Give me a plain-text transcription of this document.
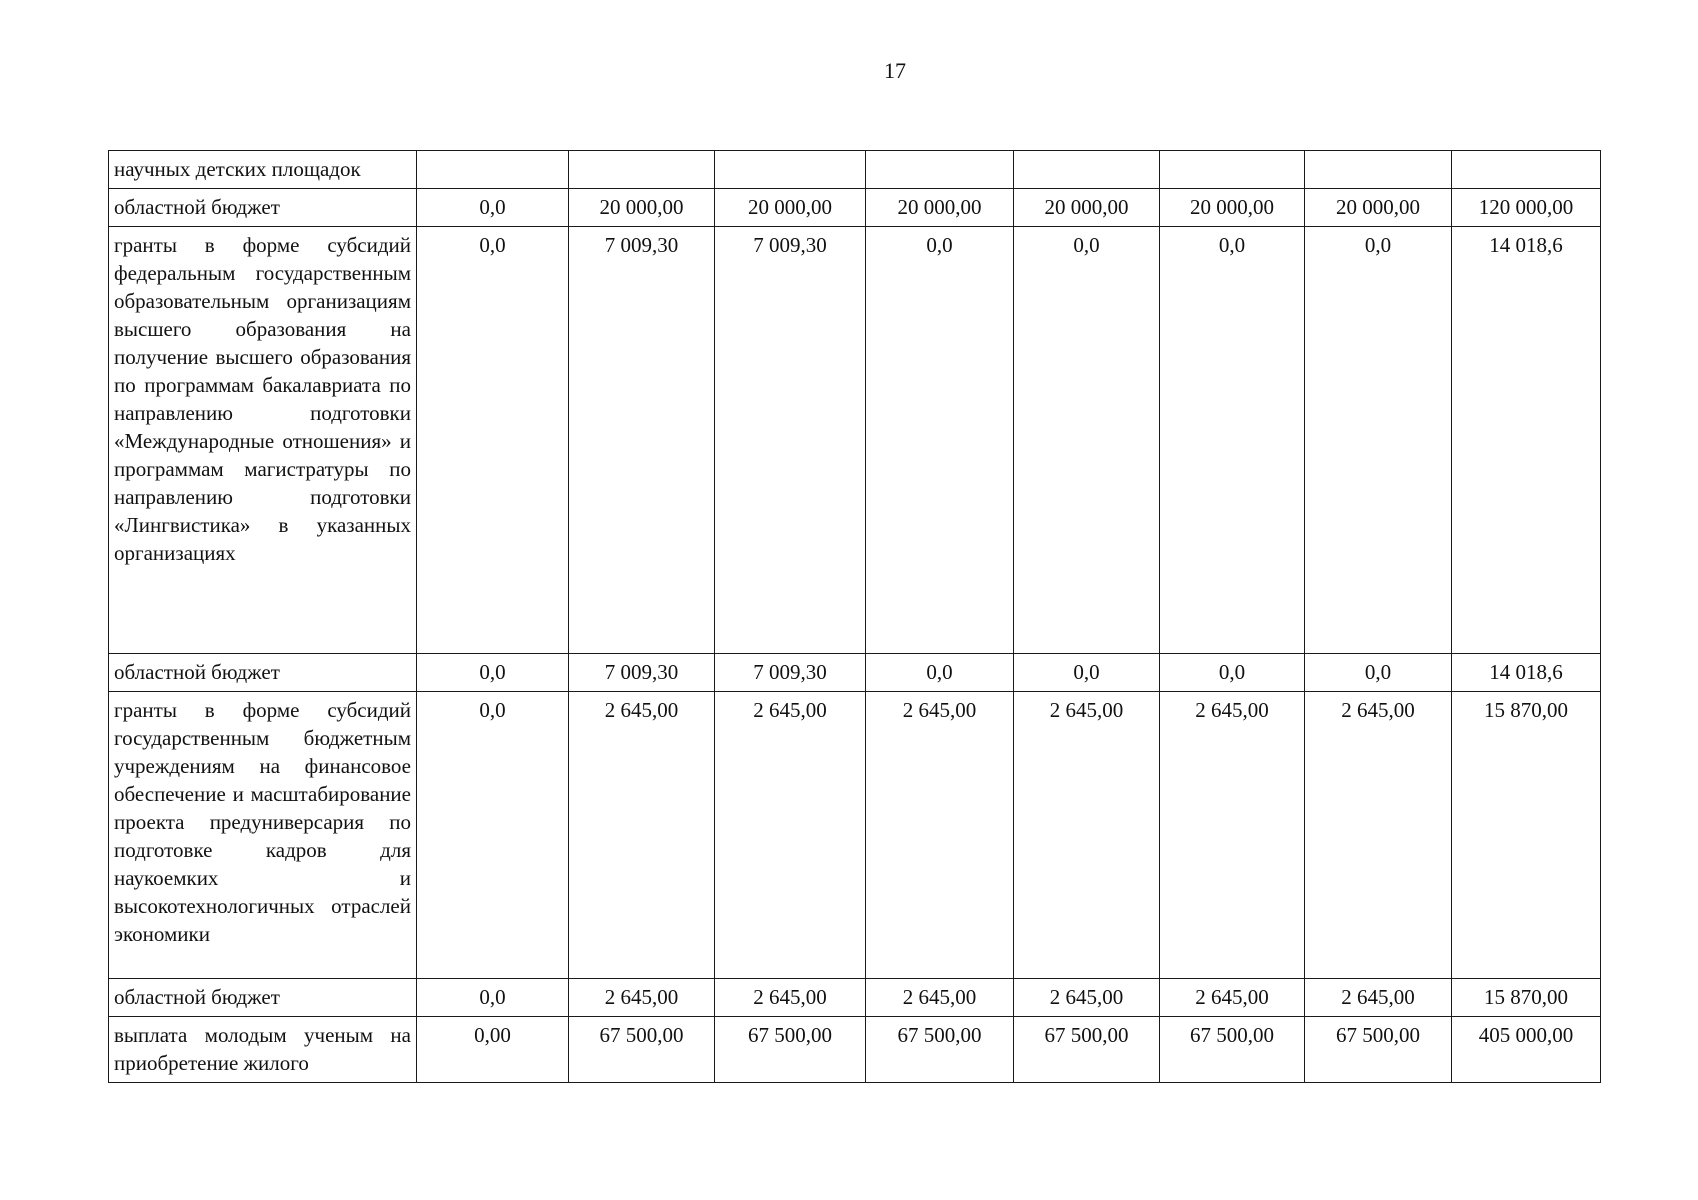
17
научных детских площадок								
областной бюджет	0,0	20 000,00	20 000,00	20 000,00	20 000,00	20 000,00	20 000,00	120 000,00
гранты в форме субсидий федеральным государственным образовательным организациям высшего образования на получение высшего образования по программам бакалавриата по направлению подготовки «Международные отношения» и программам магистратуры по направлению подготовки «Лингвистика» в указанных организациях	0,0	7 009,30	7 009,30	0,0	0,0	0,0	0,0	14 018,6
областной бюджет	0,0	7 009,30	7 009,30	0,0	0,0	0,0	0,0	14 018,6
гранты в форме субсидий государственным бюджетным учреждениям на финансовое обеспечение и масштабирование проекта предуниверсария по подготовке кадров для наукоемких и высокотехнологичных отраслей экономики	0,0	2 645,00	2 645,00	2 645,00	2 645,00	2 645,00	2 645,00	15 870,00
областной бюджет	0,0	2 645,00	2 645,00	2 645,00	2 645,00	2 645,00	2 645,00	15 870,00
выплата молодым ученым на приобретение жилого	0,00	67 500,00	67 500,00	67 500,00	67 500,00	67 500,00	67 500,00	405 000,00
